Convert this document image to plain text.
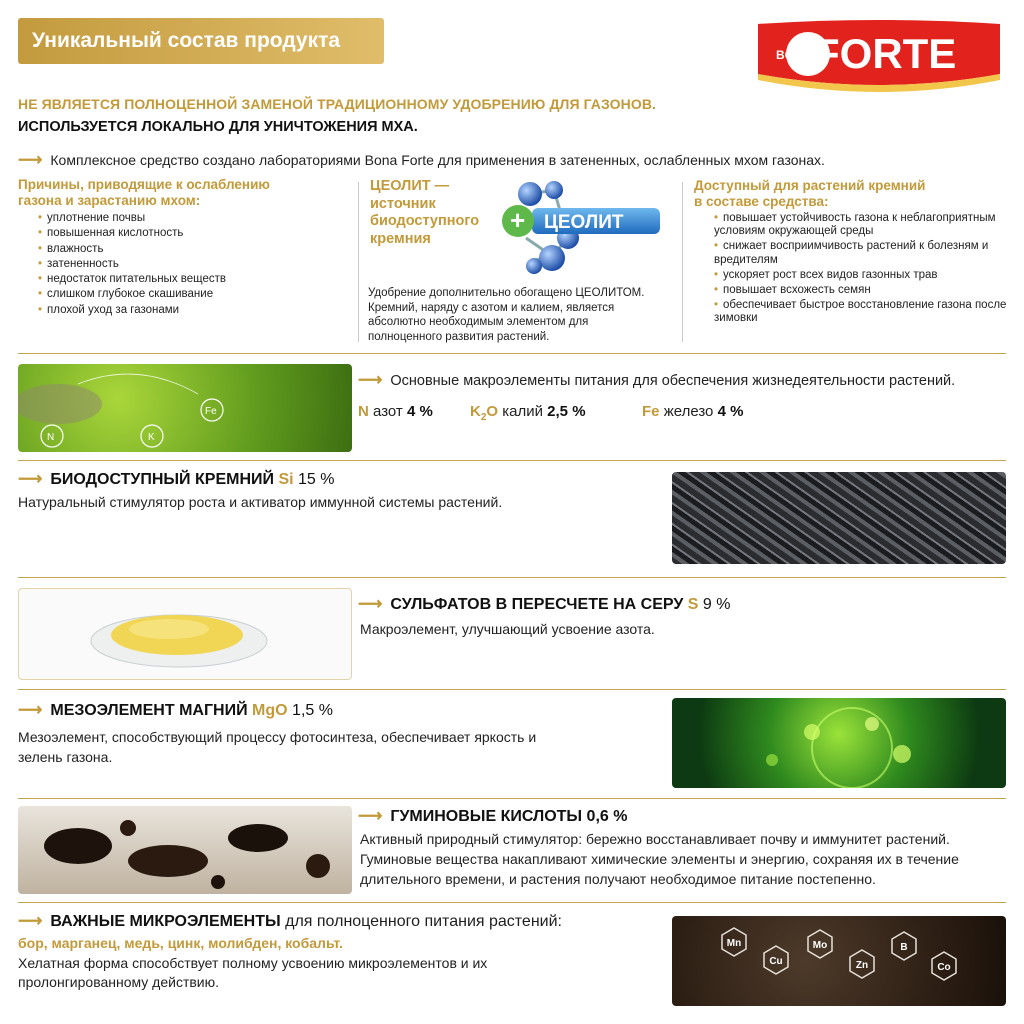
Уникальный состав продукта
BONA FORTE
НЕ ЯВЛЯЕТСЯ ПОЛНОЦЕННОЙ ЗАМЕНОЙ ТРАДИЦИОННОМУ УДОБРЕНИЮ ДЛЯ ГАЗОНОВ.
ИСПОЛЬЗУЕТСЯ ЛОКАЛЬНО ДЛЯ УНИЧТОЖЕНИЯ МХА.
⟶ Комплексное средство создано лабораториями Bona Forte для применения в затененных, ослабленных мхом газонах.
Причины, приводящие к ослаблению
газона и зарастанию мхом:
• уплотнение почвы
• повышенная кислотность
• влажность
• затененность
• недостаток питательных веществ
• слишком глубокое скашивание
• плохой уход за газонами
ЦЕОЛИТ —
источник
биодоступного
кремния
+ ЦЕОЛИТ
Удобрение дополнительно обогащено ЦЕОЛИТОМ.
Кремний, наряду с азотом и калием, является
абсолютно необходимым элементом для
полноценного развития растений.
Доступный для растений кремний
в составе средства:
• повышает устойчивость газона к неблагоприятным условиям окружающей среды
• снижает восприимчивость растений к болезням и вредителям
• ускоряет рост всех видов газонных трав
• повышает всхожесть семян
• обеспечивает быстрое восстановление газона после зимовки
N	K
Fe
⟶ Основные макроэлементы питания для обеспечения жизнедеятельности растений.
N азот 4 % $K_2O$ калий 2,5 %	Fe железо 4 %
⟶ БИОДОСТУПНЫЙ КРЕМНИЙ Si 15 %
Натуральный стимулятор роста и активатор иммунной системы растений.
⟶ СУЛЬФАТОВ В ПЕРЕСЧЕТЕ НА СЕРУ S 9 %
Макроэлемент, улучшающий усвоение азота.
⟶ МЕЗОЭЛЕМЕНТ МАГНИЙ MgO 1,5 %
Мезоэлемент, способствующий процессу фотосинтеза, обеспечивает яркость и
зелень газона.
⟶ ГУМИНОВЫЕ КИСЛОТЫ 0,6 %
Активный природный стимулятор: бережно восстанавливает почву и иммунитет растений.
Гуминовые вещества накапливают химические элементы и энергию, сохраняя их в течение
длительного времени, и растения получают необходимое питание постепенно.
⟶ ВАЖНЫЕ МИКРОЭЛЕМЕНТЫ для полноценного питания растений:
бор, марганец, медь, цинк, молибден, кобальт.
Хелатная форма способствует полному усвоению микроэлементов и их
пролонгированному действию.
Mn
Cu
Mo
Zn
B
Co
